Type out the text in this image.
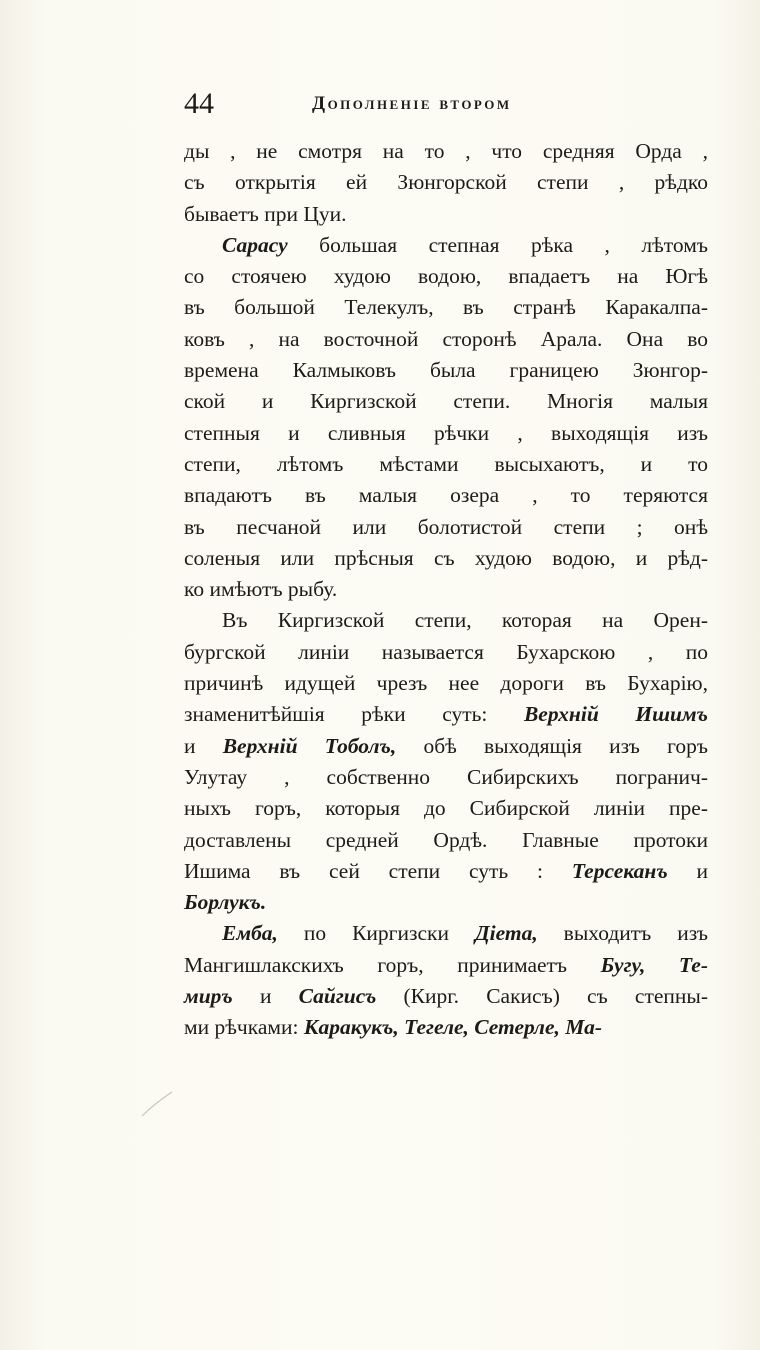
44	Дополненіе втором
ды , не смотря на то , что средняя Орда ,
съ открытія ей Зюнгорской степи , рѣдко
бываетъ при Цуи.
Сарасу большая степная рѣка , лѣтомъ
со стоячею худою водою, впадаетъ на Югѣ
въ большой Телекулъ, въ странѣ Каракалпа-
ковъ , на восточной сторонѣ Арала. Она во
времена Калмыковъ была границею Зюнгор-
ской и Киргизской степи. Многія малыя
степныя и сливныя рѣчки , выходящія изъ
степи, лѣтомъ мѣстами высыхаютъ, и то
впадаютъ въ малыя озера , то теряются
въ песчаной или болотистой степи ; онѣ
соленыя или прѣсныя съ худою водою, и рѣд-
ко имѣютъ рыбу.
Въ Киргизской степи, которая на Орен-
бургской линіи называется Бухарскою , по
причинѣ идущей чрезъ нее дороги въ Бухарію,
знаменитѣйшія рѣки суть: Верхній Ишимъ
и Верхній Тоболъ, обѣ выходящія изъ горъ
Улутау , собственно Сибирскихъ погранич-
ныхъ горъ, которыя до Сибирской линіи пре-
доставлены средней Ордѣ. Главные протоки
Ишима въ сей степи суть : Терсеканъ и
Борлукъ.
Емба, по Киргизски Діета, выходитъ изъ
Мангишлакскихъ горъ, принимаетъ Бугу, Те-
миръ и Сайгисъ (Кирг. Сакисъ) съ степны-
ми рѣчками: Каракукъ, Тегеле, Сетерле, Ма-
